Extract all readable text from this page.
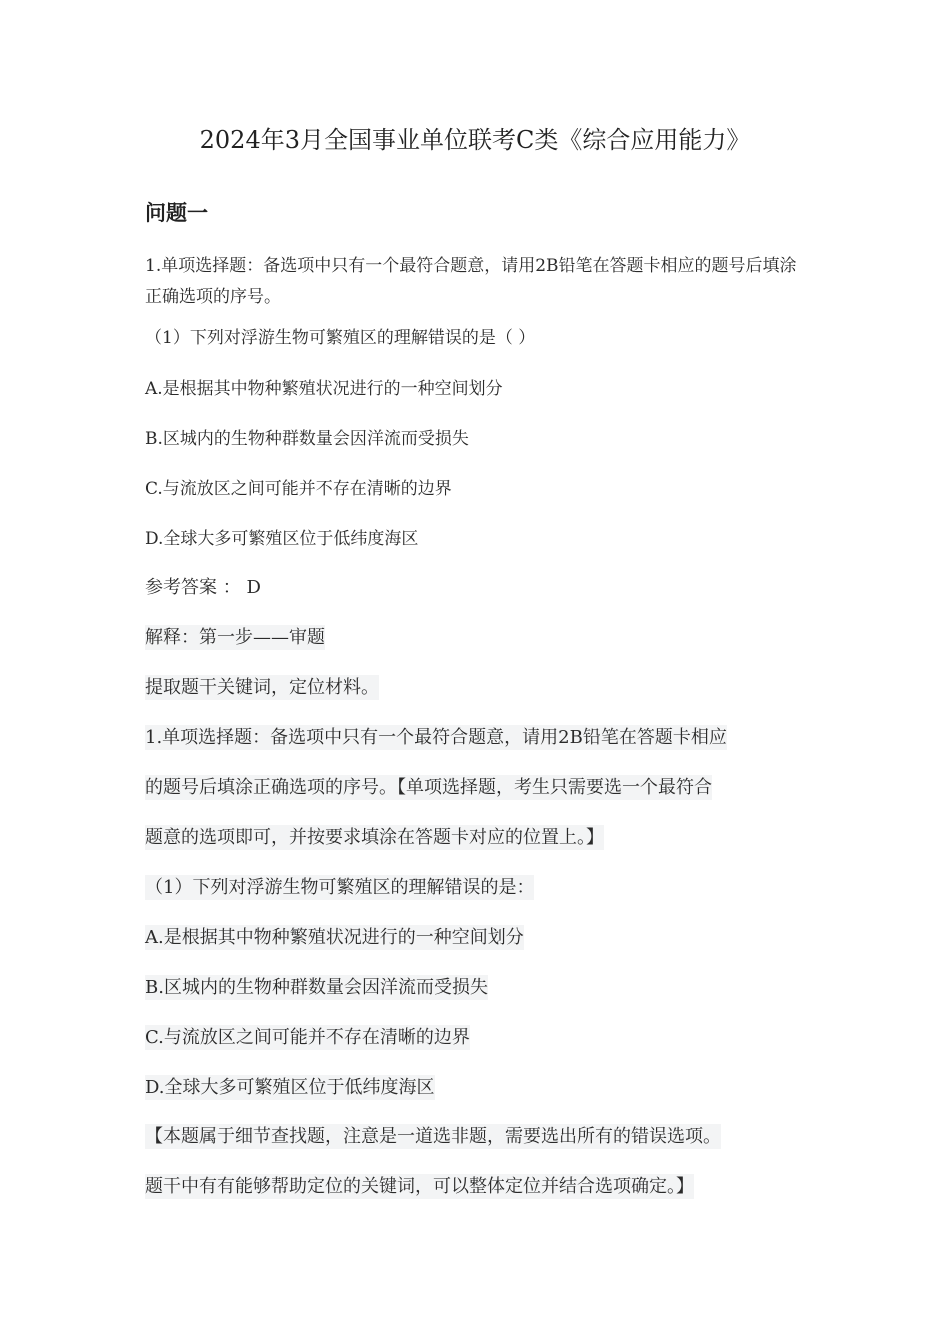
2024年3月全国事业单位联考C类《综合应用能力》
问题一

1.单项选择题：备选项中只有一个最符合题意，请用2B铅笔在答题卡相应的题号后填涂正确选项的序号。

（1）下列对浮游生物可繁殖区的理解错误的是（ ）

A.是根据其中物种繁殖状况进行的一种空间划分

B.区城内的生物种群数量会因洋流而受损失

C.与流放区之间可能并不存在清晰的边界

D.全球大多可繁殖区位于低纬度海区

参考答案 ： D

解释：第一步——审题

提取题干关键词，定位材料。

1.单项选择题：备选项中只有一个最符合题意，请用2B铅笔在答题卡相应

的题号后填涂正确选项的序号。【单项选择题，考生只需要选一个最符合

题意的选项即可，并按要求填涂在答题卡对应的位置上。】

（1）下列对浮游生物可繁殖区的理解错误的是：

A.是根据其中物种繁殖状况进行的一种空间划分

B.区城内的生物种群数量会因洋流而受损失

C.与流放区之间可能并不存在清晰的边界

D.全球大多可繁殖区位于低纬度海区

【本题属于细节查找题，注意是一道选非题，需要选出所有的错误选项。

题干中有有能够帮助定位的关键词，可以整体定位并结合选项确定。】
